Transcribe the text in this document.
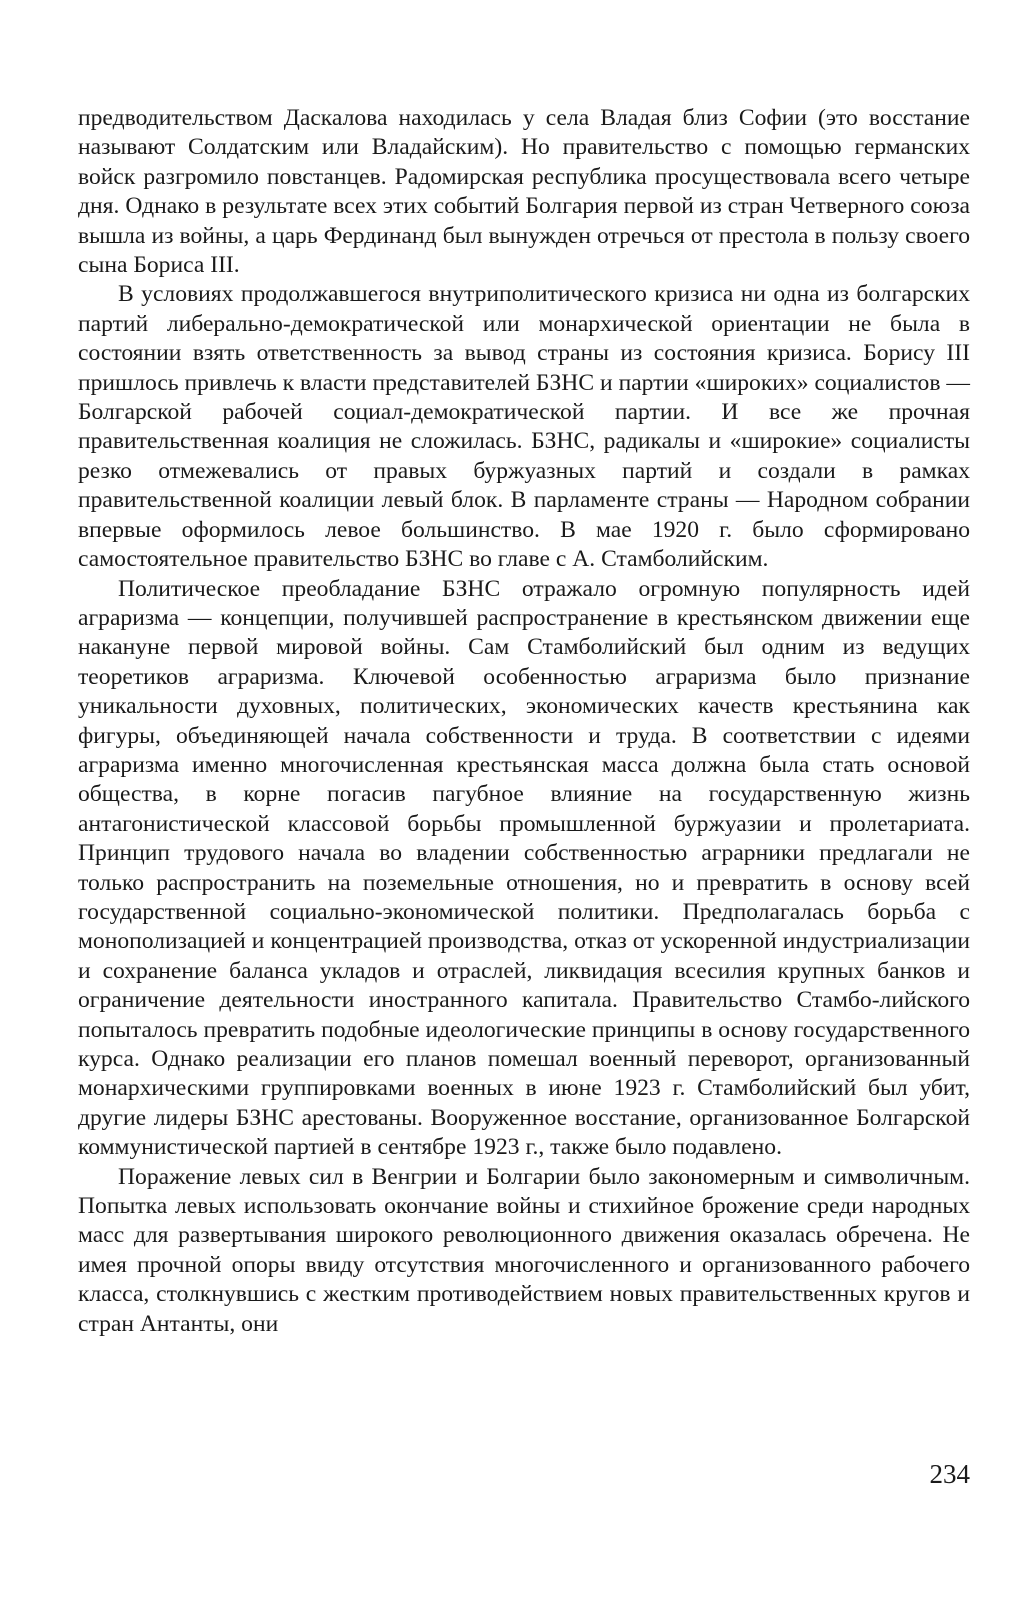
предводительством Даскалова находилась у села Владая близ Софии (это восстание называют Солдатским или Владайским). Но правительство с помощью германских войск разгромило повстанцев. Радомирская республика просуществовала всего четыре дня. Однако в результате всех этих событий Болгария первой из стран Четверного союза вышла из войны, а царь Фердинанд был вынужден отречься от престола в пользу своего сына Бориса III.

В условиях продолжавшегося внутриполитического кризиса ни одна из болгарских партий либерально-демократической или монархической ориентации не была в состоянии взять ответственность за вывод страны из состояния кризиса. Борису III пришлось привлечь к власти представителей БЗНС и партии «широких» социалистов — Болгарской рабочей социал-демократической партии. И все же прочная правительственная коалиция не сложилась. БЗНС, радикалы и «широкие» социалисты резко отмежевались от правых буржуазных партий и создали в рамках правительственной коалиции левый блок. В парламенте страны — Народном собрании впервые оформилось левое большинство. В мае 1920 г. было сформировано самостоятельное правительство БЗНС во главе с А. Стамболийским.

Политическое преобладание БЗНС отражало огромную популярность идей аграризма — концепции, получившей распространение в крестьянском движении еще накануне первой мировой войны. Сам Стамболийский был одним из ведущих теоретиков аграризма. Ключевой особенностью аграризма было признание уникальности духовных, политических, экономических качеств крестьянина как фигуры, объединяющей начала собственности и труда. В соответствии с идеями аграризма именно многочисленная крестьянская масса должна была стать основой общества, в корне погасив пагубное влияние на государственную жизнь антагонистической классовой борьбы промышленной буржуазии и пролетариата. Принцип трудового начала во владении собственностью аграрники предлагали не только распространить на поземельные отношения, но и превратить в основу всей государственной социально-экономической политики. Предполагалась борьба с монополизацией и концентрацией производства, отказ от ускоренной индустриализации и сохранение баланса укладов и отраслей, ликвидация всесилия крупных банков и ограничение деятельности иностранного капитала. Правительство Стамбо-лийского попыталось превратить подобные идеологические принципы в основу государственного курса. Однако реализации его планов помешал военный переворот, организованный монархическими группировками военных в июне 1923 г. Стамболийский был убит, другие лидеры БЗНС арестованы. Вооруженное восстание, организованное Болгарской коммунистической партией в сентябре 1923 г., также было подавлено.

Поражение левых сил в Венгрии и Болгарии было закономерным и символичным. Попытка левых использовать окончание войны и стихийное брожение среди народных масс для развертывания широкого революционного движения оказалась обречена. Не имея прочной опоры ввиду отсутствия многочисленного и организованного рабочего класса, столкнувшись с жестким противодействием новых правительственных кругов и стран Антанты, они

234
